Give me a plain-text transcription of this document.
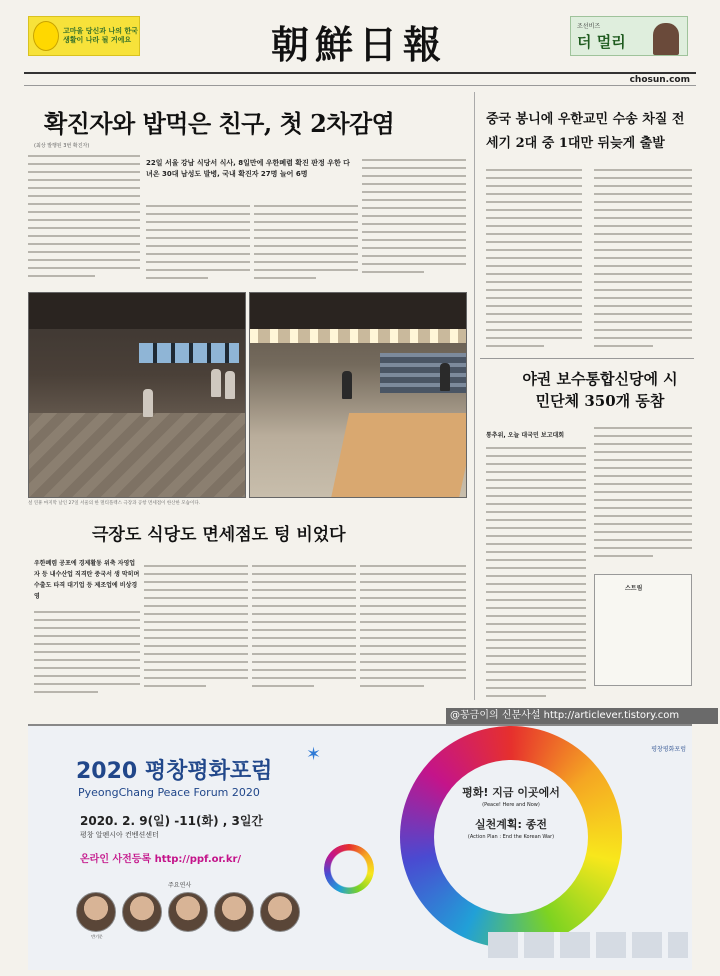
고마울 당신과 나의 한국 생활이 나라 될 거에요	朝鮮日報	조선비즈
더 멀리
chosun.com
확진자와 밥먹은 친구, 첫 2차감염
(최상 발행된 3번 확진자)
22일 서울 강남 식당서 식사, 8일만에 우한폐렴 확진 판정 우한 다녀온 30대 남성도 발병, 국내 확진자 27명 늘어 6명
설 연휴 마지막 날인 27일 서울의 한 멀티플렉스 극장과 공항 면세점이 한산한 모습이다.
극장도 식당도 면세점도 텅 비었다
우한폐렴 공포에 경제활동 위축 자영업자 등 내수산업 직격탄 중국서 생 막히며 수출도 타격 대기업 등 제조업에 비상경영
중국 봉니에 우한교민 수송 차질 전세기 2대 중 1대만 뒤늦게 출발
야권 보수통합신당에 시민단체 350개 동참
통추위, 오늘 대국민 보고대회
스트림
@꽁금이의 신문사설 http://articlever.tistory.com
2020 평창평화포럼
✶
PyeongChang Peace Forum 2020
2020. 2. 9(일) -11(화) , 3일간
평창 알펜시아 컨벤션센터
온라인 사전등록 http://ppf.or.kr/
주요연사
반기문
평화! 지금 이곳에서
(Peace! Here and Now)
실천계획: 종전
(Action Plan : End the Korean War)
평창평화포럼
